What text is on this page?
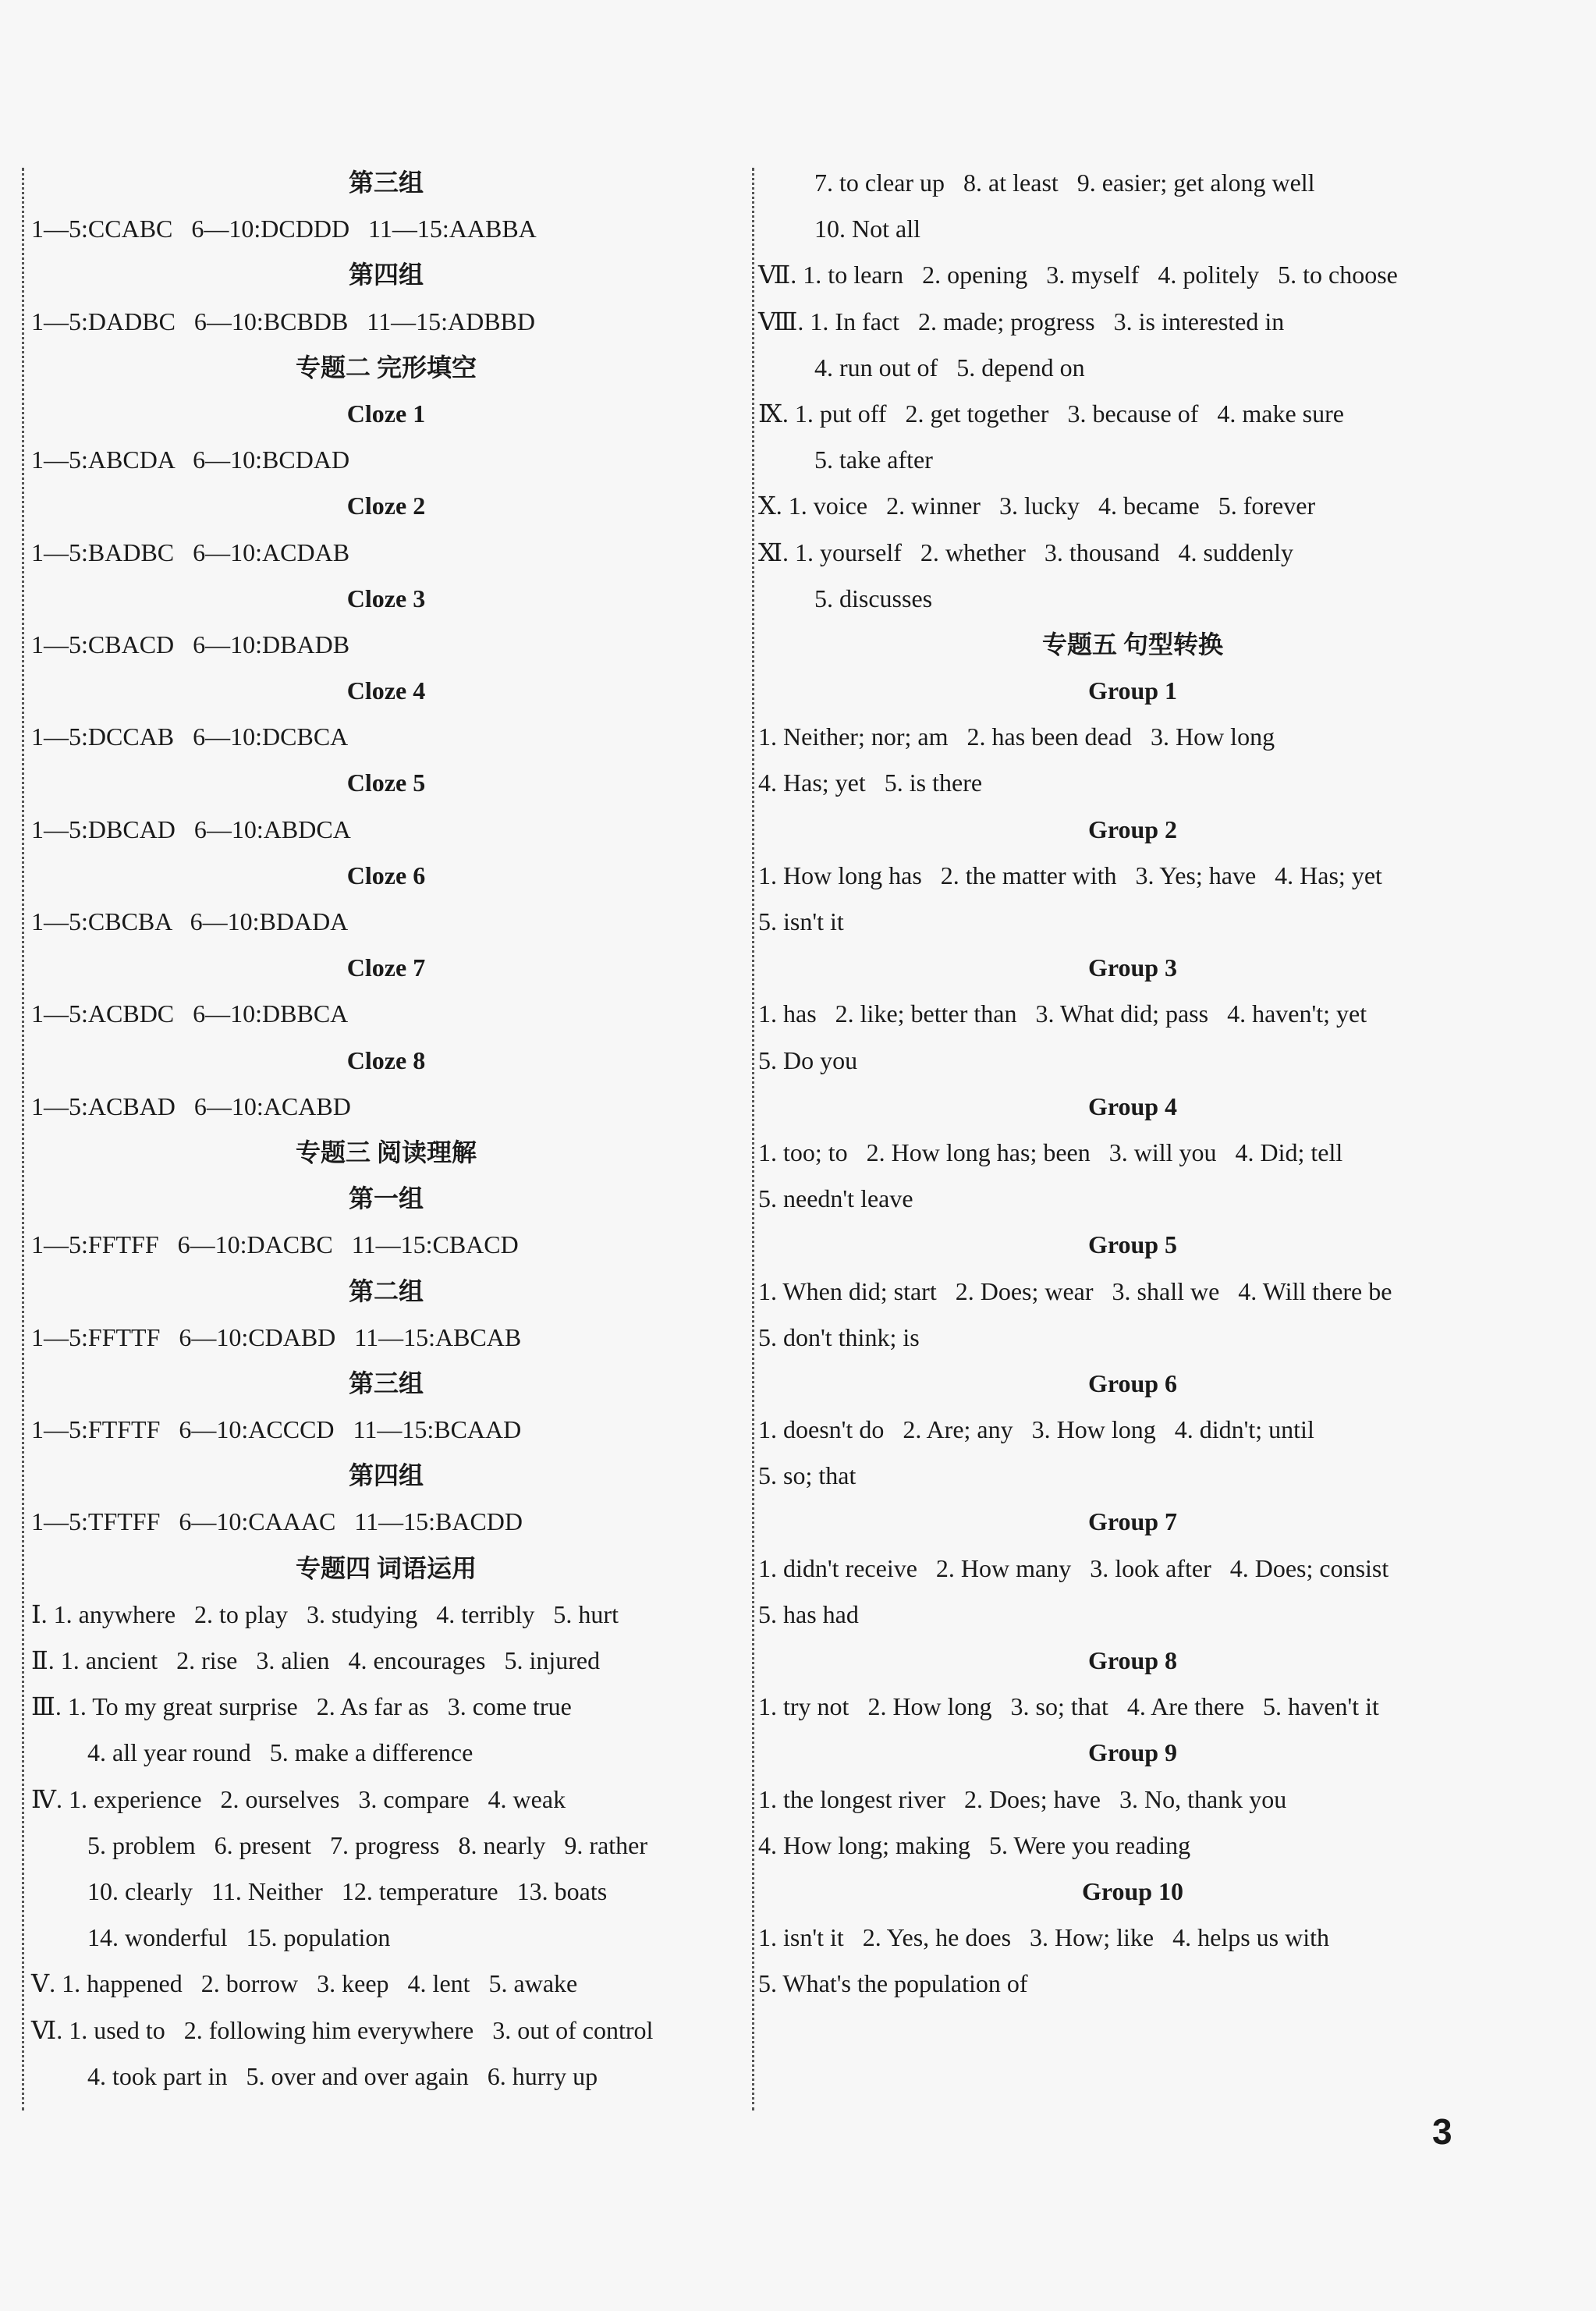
第三组
1—5:CCABC   6—10:DCDDD   11—15:AABBA
第四组
1—5:DADBC   6—10:BCBDB   11—15:ADBBD
专题二 完形填空
Cloze 1
1—5:ABCDA   6—10:BCDAD
Cloze 2
1—5:BADBC   6—10:ACDAB
Cloze 3
1—5:CBACD   6—10:DBADB
Cloze 4
1—5:DCCAB   6—10:DCBCA
Cloze 5
1—5:DBCAD   6—10:ABDCA
Cloze 6
1—5:CBCBA   6—10:BDADA
Cloze 7
1—5:ACBDC   6—10:DBBCA
Cloze 8
1—5:ACBAD   6—10:ACABD
专题三 阅读理解
第一组
1—5:FFTFF   6—10:DACBC   11—15:CBACD
第二组
1—5:FFTTF   6—10:CDABD   11—15:ABCAB
第三组
1—5:FTFTF   6—10:ACCCD   11—15:BCAAD
第四组
1—5:TFTFF   6—10:CAAAC   11—15:BACDD
专题四 词语运用
Ⅰ. 1. anywhere   2. to play   3. studying   4. terribly   5. hurt
Ⅱ. 1. ancient   2. rise   3. alien   4. encourages   5. injured
Ⅲ. 1. To my great surprise   2. As far as   3. come true
4. all year round   5. make a difference
Ⅳ. 1. experience   2. ourselves   3. compare   4. weak
5. problem   6. present   7. progress   8. nearly   9. rather
10. clearly   11. Neither   12. temperature   13. boats
14. wonderful   15. population
Ⅴ. 1. happened   2. borrow   3. keep   4. lent   5. awake
Ⅵ. 1. used to   2. following him everywhere   3. out of control
4. took part in   5. over and over again   6. hurry up
7. to clear up   8. at least   9. easier; get along well
10. Not all
Ⅶ. 1. to learn   2. opening   3. myself   4. politely   5. to choose
Ⅷ. 1. In fact   2. made; progress   3. is interested in
4. run out of   5. depend on
Ⅸ. 1. put off   2. get together   3. because of   4. make sure
5. take after
Ⅹ. 1. voice   2. winner   3. lucky   4. became   5. forever
Ⅺ. 1. yourself   2. whether   3. thousand   4. suddenly
5. discusses
专题五 句型转换
Group 1
1. Neither; nor; am   2. has been dead   3. How long
4. Has; yet   5. is there
Group 2
1. How long has   2. the matter with   3. Yes; have   4. Has; yet
5. isn't it
Group 3
1. has   2. like; better than   3. What did; pass   4. haven't; yet
5. Do you
Group 4
1. too; to   2. How long has; been   3. will you   4. Did; tell
5. needn't leave
Group 5
1. When did; start   2. Does; wear   3. shall we   4. Will there be
5. don't think; is
Group 6
1. doesn't do   2. Are; any   3. How long   4. didn't; until
5. so; that
Group 7
1. didn't receive   2. How many   3. look after   4. Does; consist
5. has had
Group 8
1. try not   2. How long   3. so; that   4. Are there   5. haven't it
Group 9
1. the longest river   2. Does; have   3. No, thank you
4. How long; making   5. Were you reading
Group 10
1. isn't it   2. Yes, he does   3. How; like   4. helps us with
5. What's the population of
3
